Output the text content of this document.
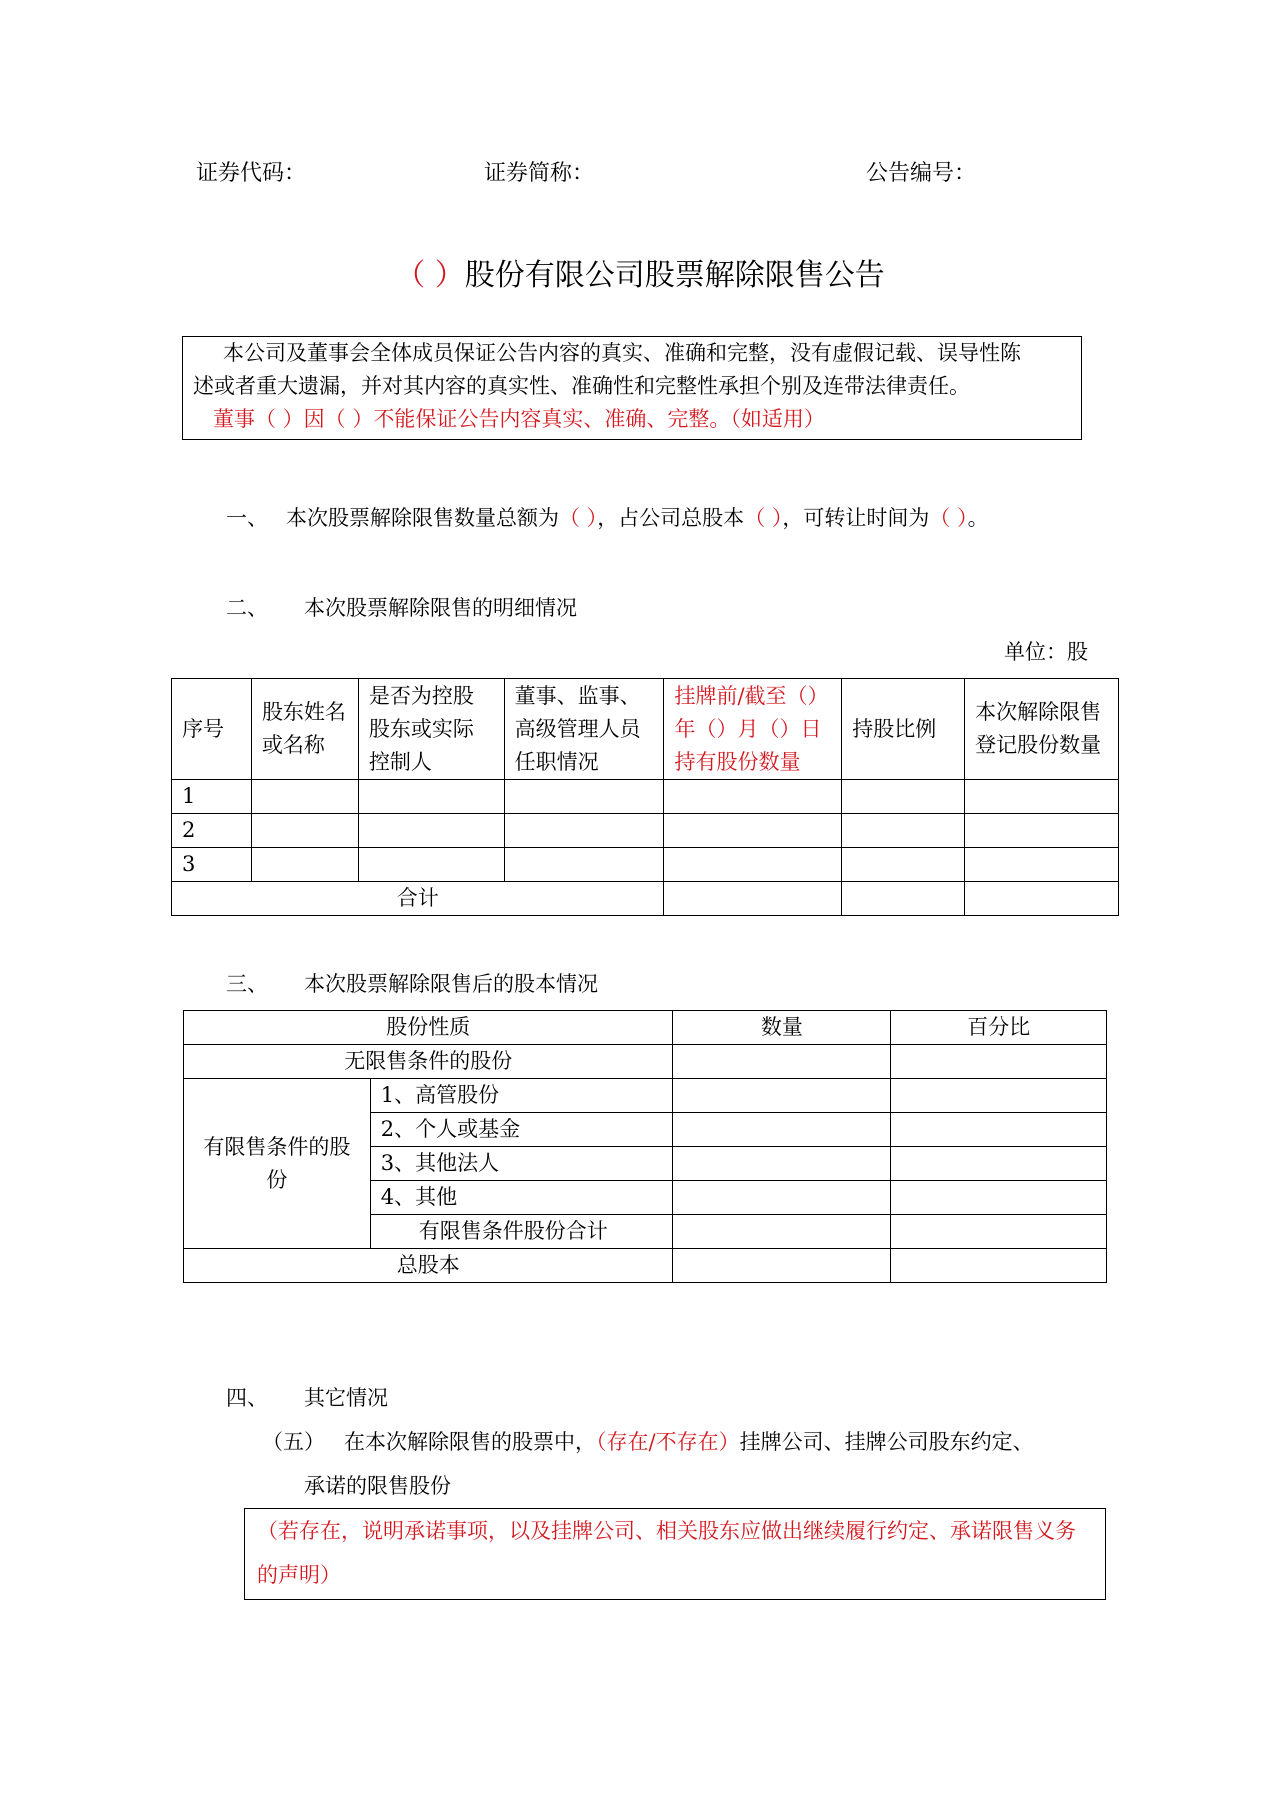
证券代码：	证券简称：	公告编号：
（ ）股份有限公司股票解除限售公告

本公司及董事会全体成员保证公告内容的真实、准确和完整，没有虚假记载、误导性陈

述或者重大遗漏，并对其内容的真实性、准确性和完整性承担个别及连带法律责任。

董事（ ）因（ ）不能保证公告内容真实、准确、完整。（如适用）

一、 本次股票解除限售数量总额为（ ），占公司总股本（ ），可转让时间为（ ）。
二、 本次股票解除限售的明细情况
单位：股
序号	股东姓名或名称	是否为控股股东或实际控制人	董事、监事、高级管理人员任职情况	挂牌前/截至（）年（）月（）日持有股份数量	持股比例	本次解除限售登记股份数量
1						
2						
3						
合计						
三、 本次股票解除限售后的股本情况
股份性质		数量	百分比
无限售条件的股份			
有限售条件的股份	1、高管股份		
	2、个人或基金		
	3、其他法人		
	4、其他		
	有限售条件股份合计		
总股本			
四、 其它情况
（五） 在本次解除限售的股票中，（存在/不存在）挂牌公司、挂牌公司股东约定、
承诺的限售股份
（若存在，说明承诺事项，以及挂牌公司、相关股东应做出继续履行约定、承诺限售义务的声明）
